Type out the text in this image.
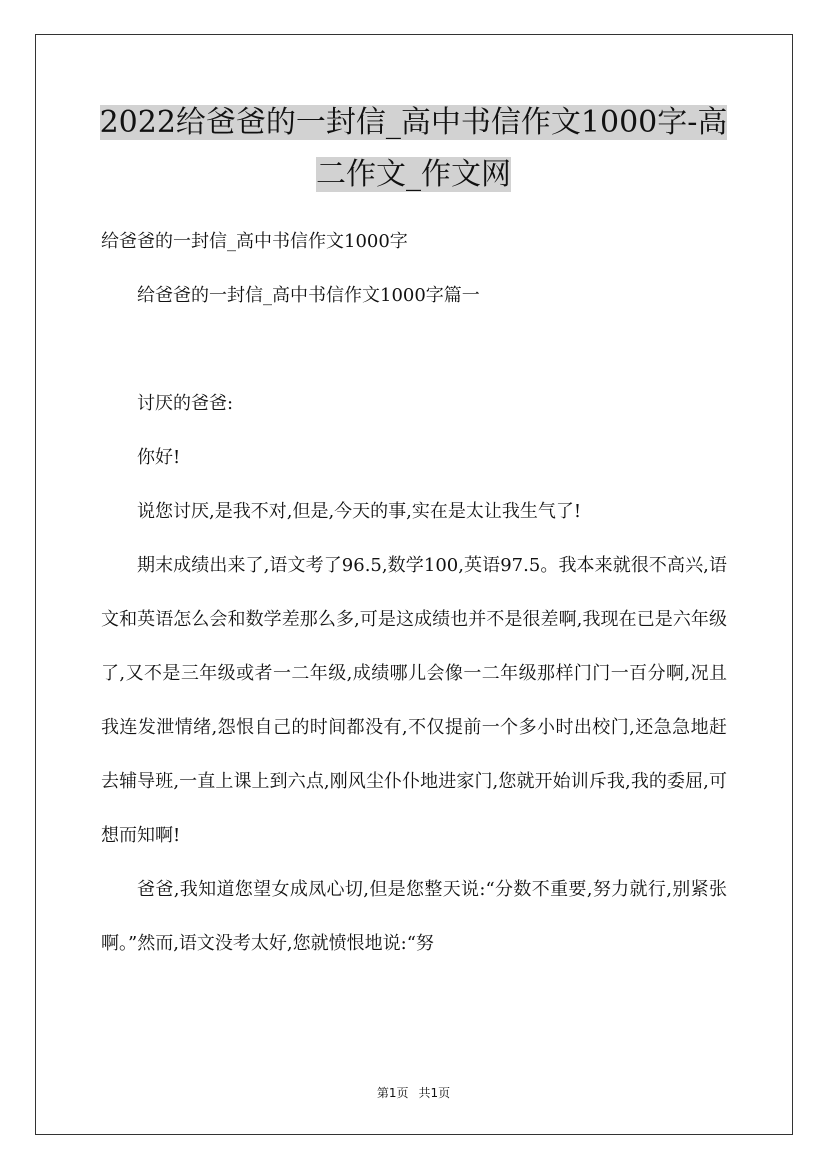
2022给爸爸的一封信_高中书信作文1000字-高
二作文_作文网

给爸爸的一封信_高中书信作文1000字

给爸爸的一封信_高中书信作文1000字篇一

讨厌的爸爸:

你好!

说您讨厌,是我不对,但是,今天的事,实在是太让我生气了!

期末成绩出来了,语文考了96.5,数学100,英语97.5。我本来就很不高兴,语文和英语怎么会和数学差那么多,可是这成绩也并不是很差啊,我现在已是六年级了,又不是三年级或者一二年级,成绩哪儿会像一二年级那样门门一百分啊,况且我连发泄情绪,怨恨自己的时间都没有,不仅提前一个多小时出校门,还急急地赶去辅导班,一直上课上到六点,刚风尘仆仆地进家门,您就开始训斥我,我的委屈,可想而知啊!

爸爸,我知道您望女成凤心切,但是您整天说:“分数不重要,努力就行,别紧张啊。”然而,语文没考太好,您就愤恨地说:“努

第1页 共1页
